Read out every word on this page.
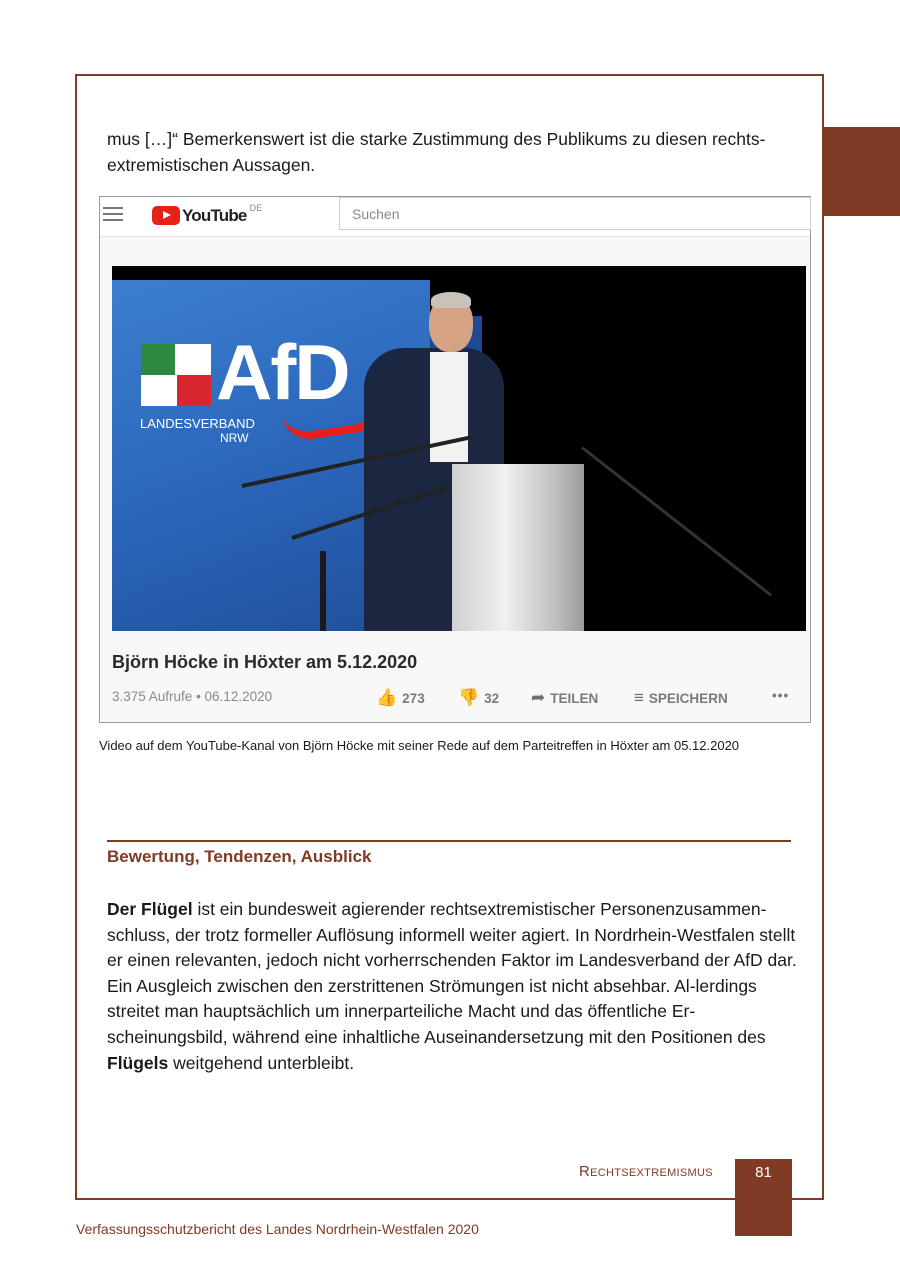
mus […]“ Bemerkenswert ist die starke Zustimmung des Publikums zu diesen rechts-extremistischen Aussagen.

YouTube DE	Suchen
AfD
LANDESVERBAND
NRW
Björn Höcke in Höxter am 5.12.2020
3.375 Aufrufe • 06.12.2020	👍 273 👎 32 ➦ TEILEN ≡ SPEICHERN	•••

Video auf dem YouTube-Kanal von Björn Höcke mit seiner Rede auf dem Parteitreffen in Höxter am 05.12.2020

Bewertung, Tendenzen, Ausblick

Der Flügel ist ein bundesweit agierender rechtsextremistischer Personenzusammen-schluss, der trotz formeller Auflösung informell weiter agiert. In Nordrhein-Westfalen stellt er einen relevanten, jedoch nicht vorherrschenden Faktor im Landesverband der AfD dar. Ein Ausgleich zwischen den zerstrittenen Strömungen ist nicht absehbar. Al-lerdings streitet man hauptsächlich um innerparteiliche Macht und das öffentliche Er-scheinungsbild, während eine inhaltliche Auseinandersetzung mit den Positionen des Flügels weitgehend unterbleibt.

Rechtsextremismus	81
Verfassungsschutzbericht des Landes Nordrhein-Westfalen 2020
